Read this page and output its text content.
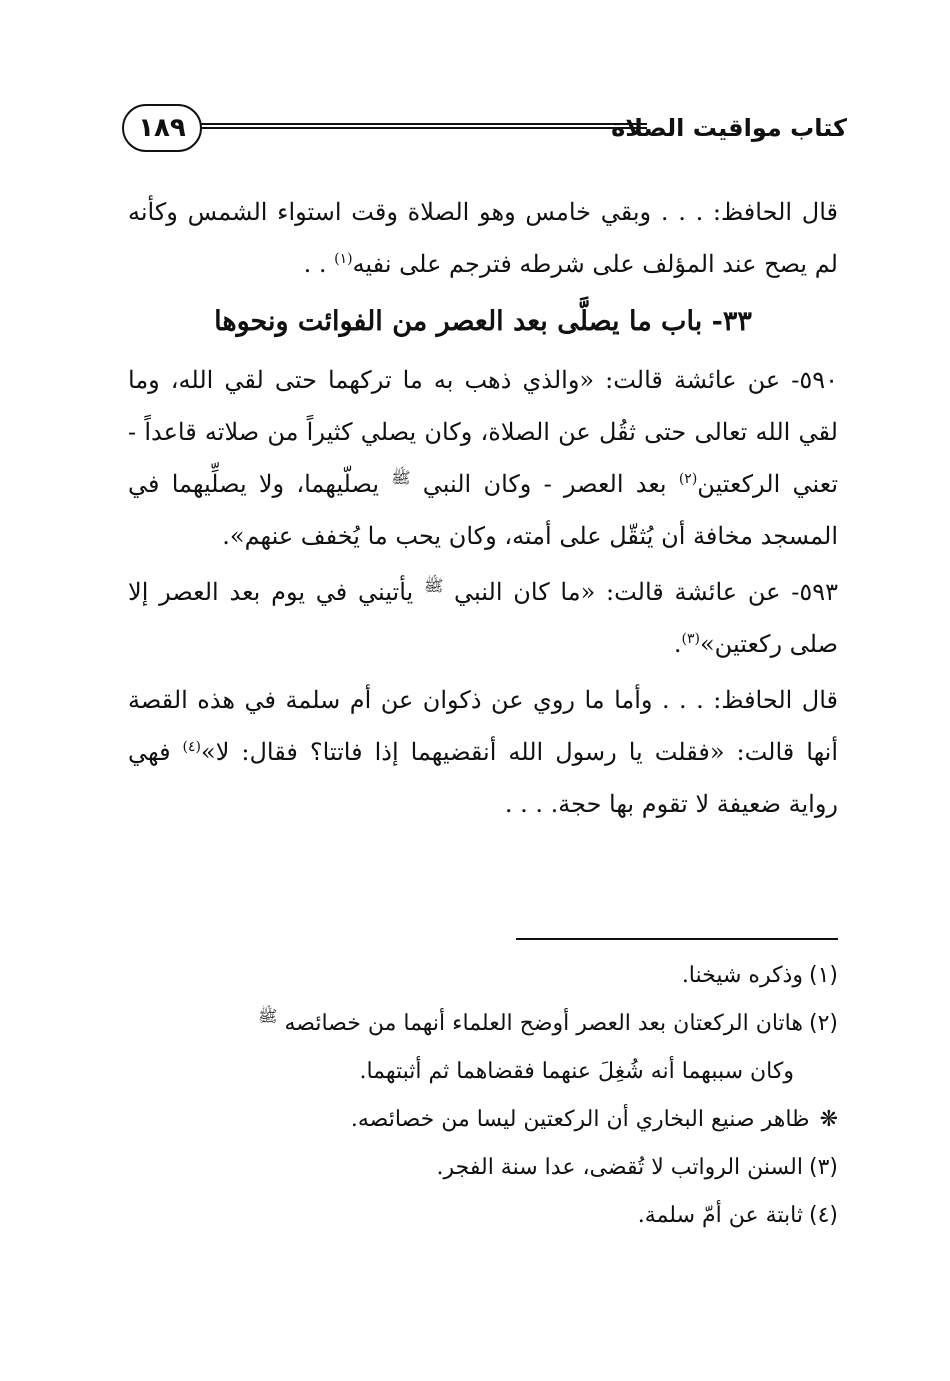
كتاب مواقيت الصلاة
١٨٩

قال الحافظ: . . . وبقي خامس وهو الصلاة وقت استواء الشمس وكأنه لم يصح عند المؤلف على شرطه فترجم على نفيه$^{(١)}$ . .

٣٣- باب ما يصلَّى بعد العصر من الفوائت ونحوها

٥٩٠- عن عائشة قالت: «والذي ذهب به ما تركهما حتى لقي الله، وما لقي الله تعالى حتى ثقُل عن الصلاة، وكان يصلي كثيراً من صلاته قاعداً - تعني الركعتين$^{(٢)}$ بعد العصر - وكان النبي $^ﷺ$ يصلّيهما، ولا يصلِّيهما في المسجد مخافة أن يُثقّل على أمته، وكان يحب ما يُخفف عنهم».

٥٩٣- عن عائشة قالت: «ما كان النبي $^ﷺ$ يأتيني في يوم بعد العصر إلا صلى ركعتين»$^{(٣)}$.

قال الحافظ: . . . وأما ما روي عن ذكوان عن أم سلمة في هذه القصة أنها قالت: «فقلت يا رسول الله أنقضيهما إذا فاتتا؟ فقال: لا»$^{(٤)}$ فهي رواية ضعيفة لا تقوم بها حجة. . . .

(١)وذكره شيخنا.

(٢)هاتان الركعتان بعد العصر أوضح العلماء أنهما من خصائصه $^ﷺ$

وكان سببهما أنه شُغِلَ عنهما فقضاهما ثم أثبتهما.

❋ظاهر صنيع البخاري أن الركعتين ليسا من خصائصه.

(٣)السنن الرواتب لا تُقضى، عدا سنة الفجر.

(٤)ثابتة عن أمّ سلمة.
